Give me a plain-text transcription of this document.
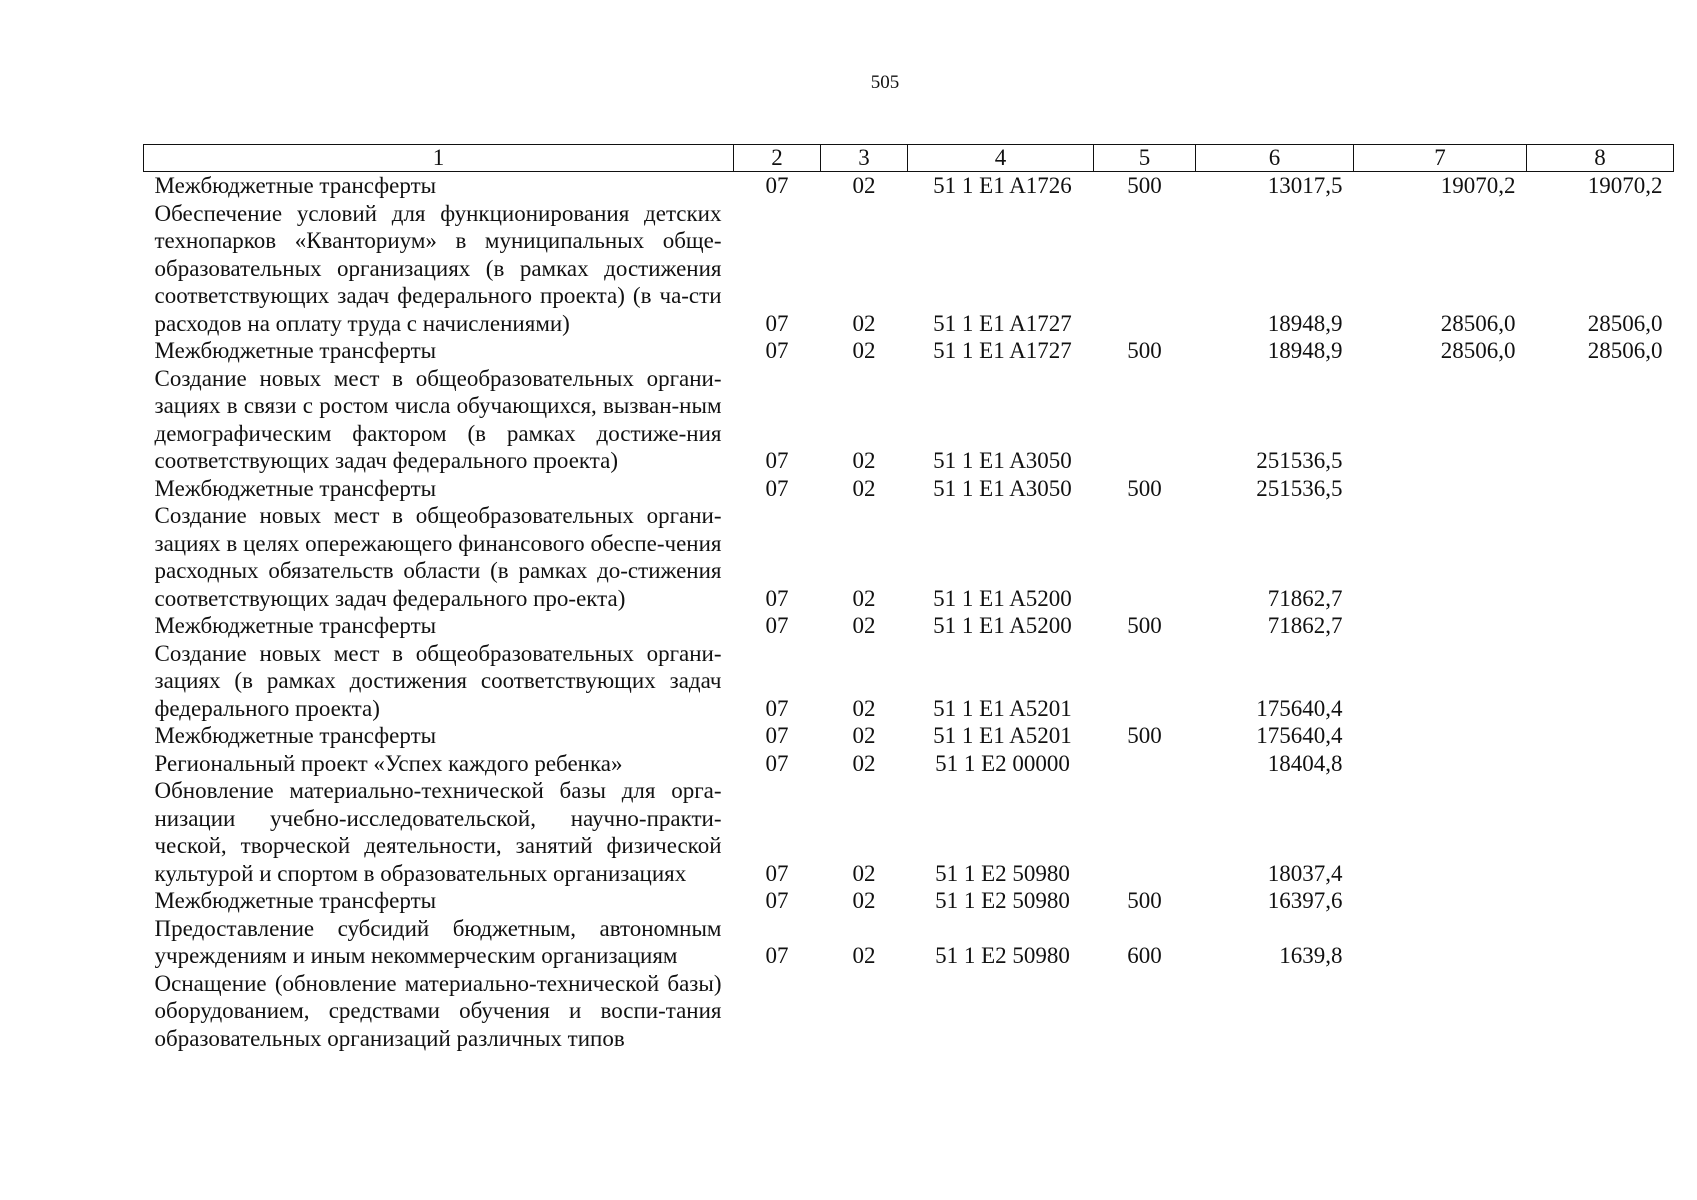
505
1	2	3	4	5	6	7	8
Межбюджетные трансферты	07	02	51 1 E1 A1726	500	13017,5	19070,2	19070,2
Обеспечение условий для функционирования детских технопарков «Кванториум» в муниципальных обще-образовательных организациях (в рамках достижения соответствующих задач федерального проекта) (в ча-сти расходов на оплату труда с начислениями)	07	02	51 1 E1 A1727		18948,9	28506,0	28506,0
Межбюджетные трансферты	07	02	51 1 E1 A1727	500	18948,9	28506,0	28506,0
Создание новых мест в общеобразовательных органи-зациях в связи с ростом числа обучающихся, вызван-ным демографическим фактором (в рамках достиже-ния соответствующих задач федерального проекта)	07	02	51 1 E1 A3050		251536,5		
Межбюджетные трансферты	07	02	51 1 E1 A3050	500	251536,5		
Создание новых мест в общеобразовательных органи-зациях в целях опережающего финансового обеспе-чения расходных обязательств области (в рамках до-стижения соответствующих задач федерального про-екта)	07	02	51 1 E1 A5200		71862,7		
Межбюджетные трансферты	07	02	51 1 E1 A5200	500	71862,7		
Создание новых мест в общеобразовательных органи-зациях (в рамках достижения соответствующих задач федерального проекта)	07	02	51 1 E1 A5201		175640,4		
Межбюджетные трансферты	07	02	51 1 E1 A5201	500	175640,4		
Региональный проект «Успех каждого ребенка»	07	02	51 1 E2 00000		18404,8		
Обновление материально-технической базы для орга-низации учебно-исследовательской, научно-практи-ческой, творческой деятельности, занятий физической культурой и спортом в образовательных организациях	07	02	51 1 E2 50980		18037,4		
Межбюджетные трансферты	07	02	51 1 E2 50980	500	16397,6		
Предоставление субсидий бюджетным, автономным учреждениям и иным некоммерческим организациям	07	02	51 1 E2 50980	600	1639,8		
Оснащение (обновление материально-технической базы) оборудованием, средствами обучения и воспи-тания образовательных организаций различных типов							
